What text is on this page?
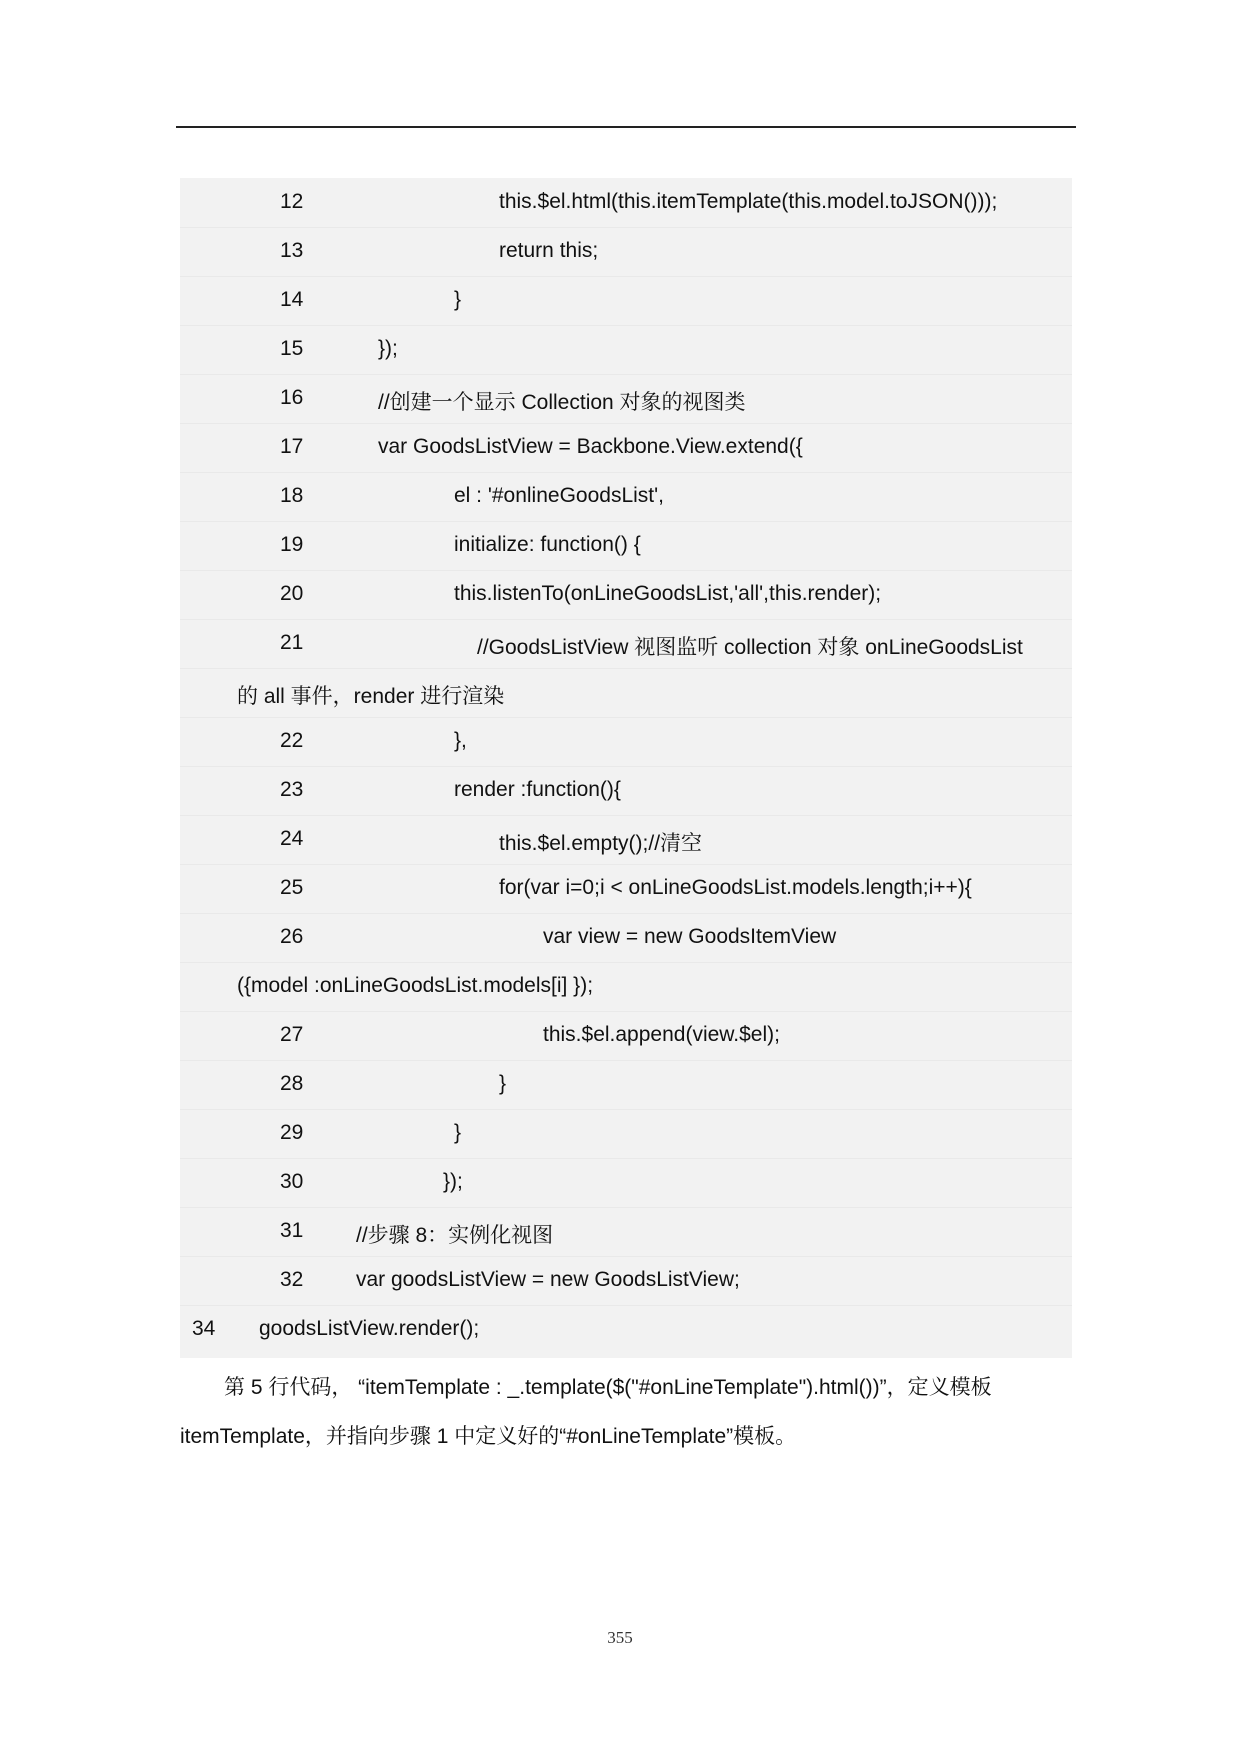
12	this.$el.html(this.itemTemplate(this.model.toJSON()));
13	return this;
14	}
15	});
16	//创建一个显示 Collection 对象的视图类
17	var GoodsListView = Backbone.View.extend({
18	el : '#onlineGoodsList',
19	initialize: function() {
20	this.listenTo(onLineGoodsList,'all',this.render);
21	//GoodsListView 视图监听 collection 对象 onLineGoodsList
的 all 事件，render 进行渲染
22	},
23	render :function(){
24	this.$el.empty();//清空
25	for(var i=0;i < onLineGoodsList.models.length;i++){
26	var view = new GoodsItemView
({model :onLineGoodsList.models[i] });
27	this.$el.append(view.$el);
28	}
29	}
30	});
31	//步骤 8：实例化视图
32	var goodsListView = new GoodsListView;
34 goodsListView.render();
第 5 行代码， “itemTemplate : _.template($("#onLineTemplate").html())”，定义模板
itemTemplate，并指向步骤 1 中定义好的“#onLineTemplate”模板。
355
